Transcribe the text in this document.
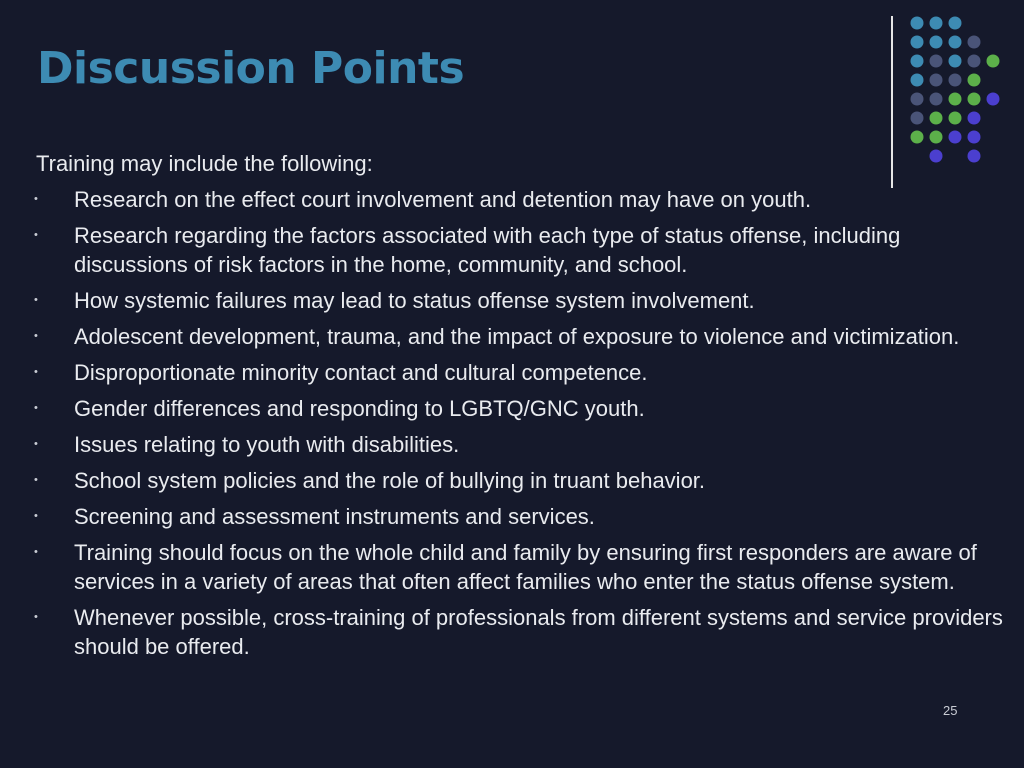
Discussion Points

Training may include the following:

• Research on the effect court involvement and detention may have on youth.
• Research regarding the factors associated with each type of status offense, including discussions of risk factors in the home, community, and school.
• How systemic failures may lead to status offense system involvement.
• Adolescent development, trauma, and the impact of exposure to violence and victimization.
• Disproportionate minority contact and cultural competence.
• Gender differences and responding to LGBTQ/GNC youth.
• Issues relating to youth with disabilities.
• School system policies and the role of bullying in truant behavior.
• Screening and assessment instruments and services.
• Training should focus on the whole child and family by ensuring first responders are aware of services in a variety of areas that often affect families who enter the status offense system.
• Whenever possible, cross-training of professionals from different systems and service providers should be offered.
25
